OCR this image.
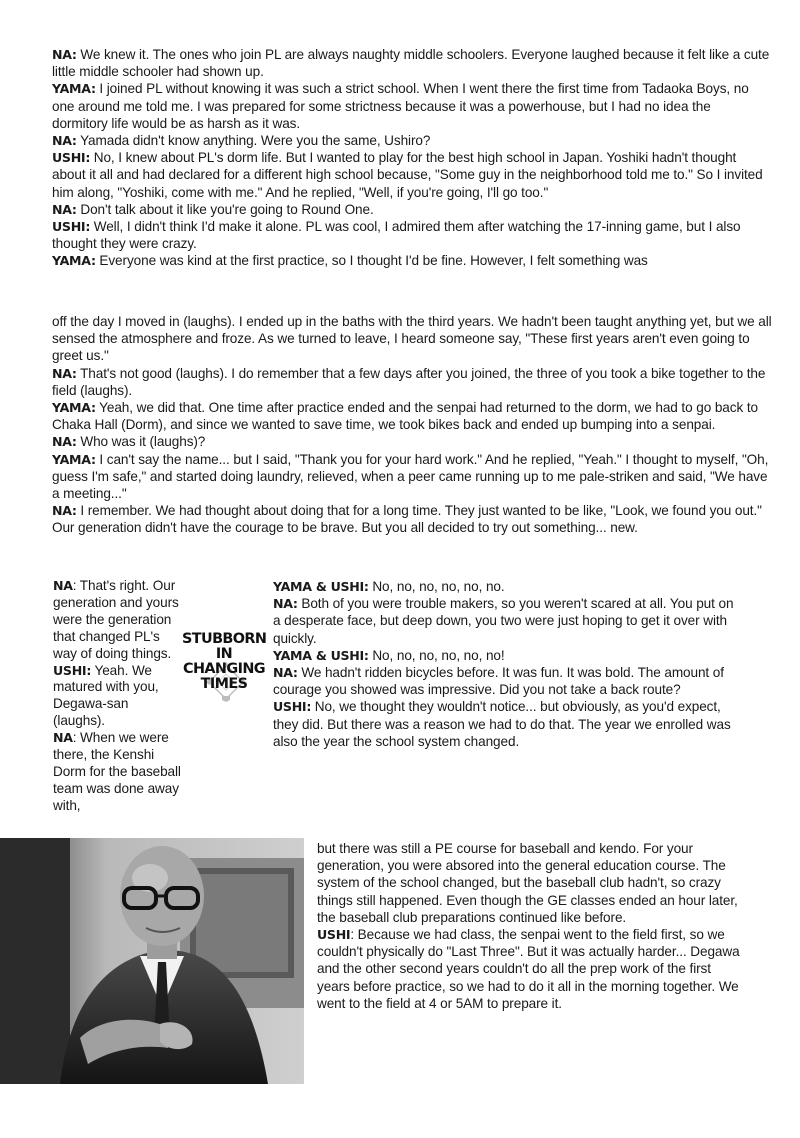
NA: We knew it. The ones who join PL are always naughty middle schoolers. Everyone laughed because it felt like a cute little middle schooler had shown up.

YAMA: I joined PL without knowing it was such a strict school. When I went there the first time from Tadaoka Boys, no one around me told me. I was prepared for some strictness because it was a powerhouse, but I had no idea the dormitory life would be as harsh as it was.

NA: Yamada didn't know anything. Were you the same, Ushiro?

USHI: No, I knew about PL's dorm life. But I wanted to play for the best high school in Japan. Yoshiki hadn't thought about it all and had declared for a different high school because, "Some guy in the neighborhood told me to." So I invited him along, "Yoshiki, come with me." And he replied, "Well, if you're going, I'll go too."

NA: Don't talk about it like you're going to Round One.

USHI: Well, I didn't think I'd make it alone. PL was cool, I admired them after watching the 17-inning game, but I also thought they were crazy.

YAMA: Everyone was kind at the first practice, so I thought I'd be fine. However, I felt something was

off the day I moved in (laughs). I ended up in the baths with the third years. We hadn't been taught anything yet, but we all sensed the atmosphere and froze. As we turned to leave, I heard someone say, "These first years aren't even going to greet us."

NA: That's not good (laughs). I do remember that a few days after you joined, the three of you took a bike together to the field (laughs).

YAMA: Yeah, we did that. One time after practice ended and the senpai had returned to the dorm, we had to go back to Chaka Hall (Dorm), and since we wanted to save time, we took bikes back and ended up bumping into a senpai.

NA: Who was it (laughs)?

YAMA: I can't say the name... but I said, "Thank you for your hard work." And he replied, "Yeah." I thought to myself, "Oh, guess I'm safe," and started doing laundry, relieved, when a peer came running up to me pale-striken and said, "We have a meeting..."

NA: I remember. We had thought about doing that for a long time. They just wanted to be like, "Look, we found you out." Our generation didn't have the courage to be brave. But you all decided to try out something... new.

NA: That's right. Our generation and yours were the generation that changed PL's way of doing things.

USHI: Yeah. We matured with you, Degawa-san (laughs).

NA: When we were there, the Kenshi Dorm for the baseball team was done away with,

STUBBORN
IN CHANGING
TIMES

YAMA & USHI: No, no, no, no, no, no.

NA: Both of you were trouble makers, so you weren't scared at all. You put on a desperate face, but deep down, you two were just hoping to get it over with quickly.

YAMA & USHI: No, no, no, no, no, no!

NA: We hadn't ridden bicycles before. It was fun. It was bold. The amount of courage you showed was impressive. Did you not take a back route?

USHI: No, we thought they wouldn't notice... but obviously, as you'd expect, they did. But there was a reason we had to do that. The year we enrolled was also the year the school system changed.

but there was still a PE course for baseball and kendo. For your generation, you were absored into the general education course. The system of the school changed, but the baseball club hadn't, so crazy things still happened. Even though the GE classes ended an hour later, the baseball club preparations continued like before.

USHI: Because we had class, the senpai went to the field first, so we couldn't physically do "Last Three". But it was actually harder... Degawa and the other second years couldn't do all the prep work of the first years before practice, so we had to do it all in the morning together. We went to the field at 4 or 5AM to prepare it.
